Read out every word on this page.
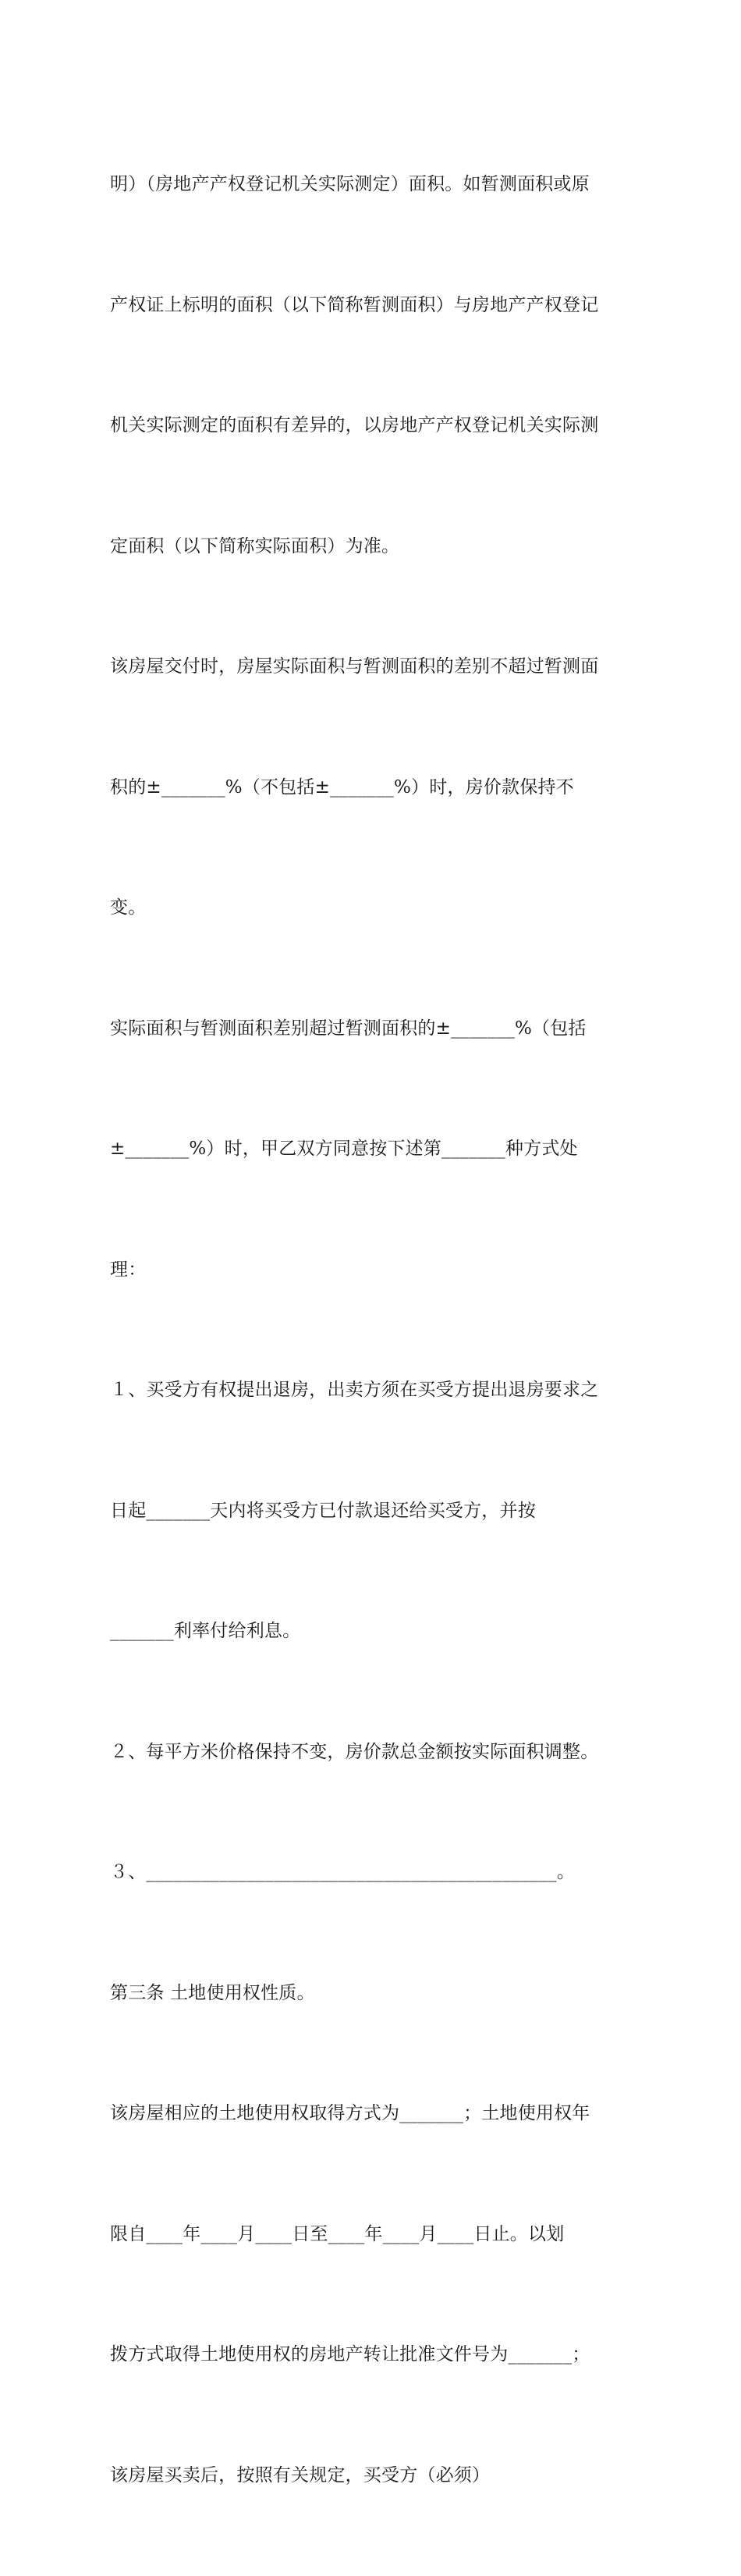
明）（房地产产权登记机关实际测定）面积。如暂测面积或原

产权证上标明的面积（以下简称暂测面积）与房地产产权登记

机关实际测定的面积有差异的，以房地产产权登记机关实际测

定面积（以下简称实际面积）为准。

该房屋交付时，房屋实际面积与暂测面积的差别不超过暂测面

积的±_______%（不包括±_______%）时，房价款保持不

变。

实际面积与暂测面积差别超过暂测面积的±_______%（包括

±_______%）时，甲乙双方同意按下述第_______种方式处

理：

１、买受方有权提出退房，出卖方须在买受方提出退房要求之

日起_______天内将买受方已付款退还给买受方，并按

_______利率付给利息。

２、每平方米价格保持不变，房价款总金额按实际面积调整。

３、_____________________________________________。

第三条 土地使用权性质。

该房屋相应的土地使用权取得方式为_______；土地使用权年

限自____年____月____日至____年____月____日止。以划

拨方式取得土地使用权的房地产转让批准文件号为_______；

该房屋买卖后，按照有关规定，买受方（必须）
